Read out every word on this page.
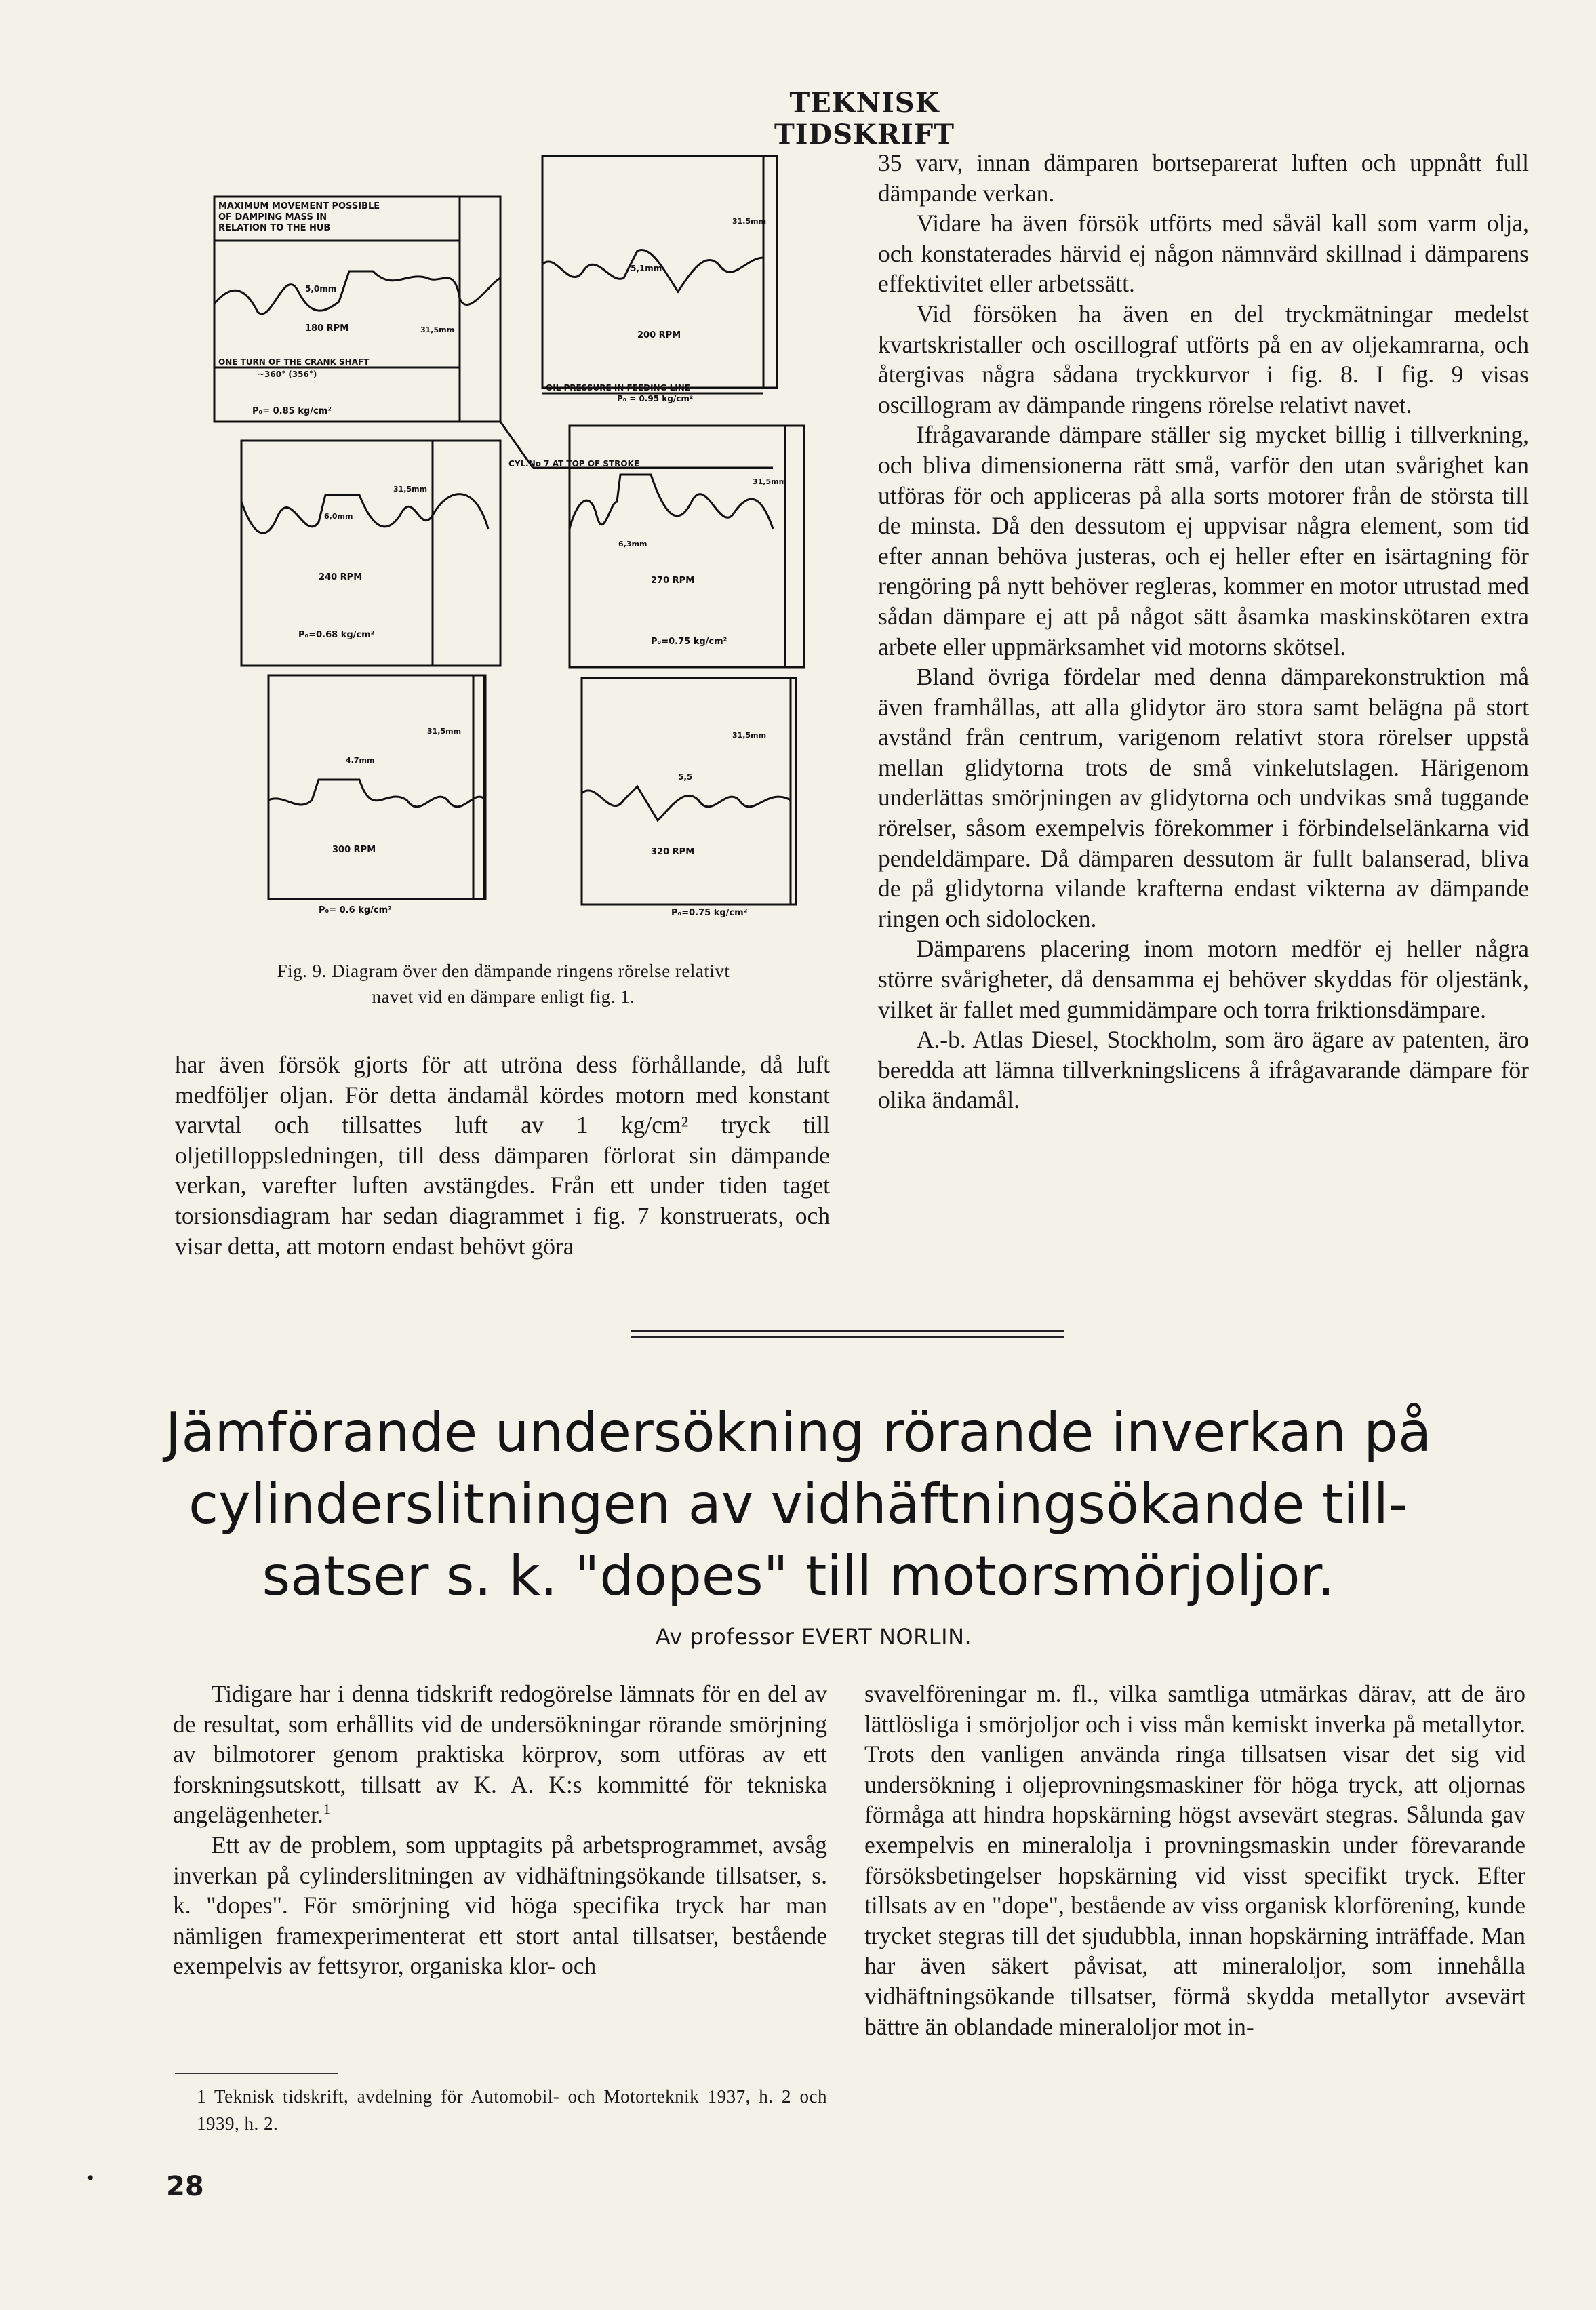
TEKNISK TIDSKRIFT
MAXIMUM MOVEMENT POSSIBLE
OF DAMPING MASS IN
RELATION TO THE HUB
ONE TURN OF THE CRANK SHAFT
~360° (356°)
OIL PRESSURE IN FEEDING LINE
CYL.No 7 AT TOP OF STROKE
180 RPM
5,0mm
31,5mm
P₀= 0.85 kg/cm²
200 RPM
5,1mm
31.5mm
P₀ = 0.95 kg/cm²
240 RPM
6,0mm
31,5mm
P₀=0.68 kg/cm²
270 RPM
6,3mm
31,5mm
P₀=0.75 kg/cm²
300 RPM
4.7mm
31,5mm
P₀= 0.6 kg/cm²
320 RPM
5,5
31,5mm
P₀=0.75 kg/cm²
Fig. 9. Diagram över den dämpande ringens rörelse relativt
navet vid en dämpare enligt fig. 1.

35 varv, innan dämparen bortseparerat luften och uppnått full dämpande verkan.

Vidare ha även försök utförts med såväl kall som varm olja, och konstaterades härvid ej någon nämnvärd skillnad i dämparens effektivitet eller arbetssätt.

Vid försöken ha även en del tryckmätningar medelst kvartskristaller och oscillograf utförts på en av oljekamrarna, och återgivas några sådana tryckkurvor i fig. 8. I fig. 9 visas oscillogram av dämpande ringens rörelse relativt navet.

Ifrågavarande dämpare ställer sig mycket billig i tillverkning, och bliva dimensionerna rätt små, varför den utan svårighet kan utföras för och appliceras på alla sorts motorer från de största till de minsta. Då den dessutom ej uppvisar några element, som tid efter annan behöva justeras, och ej heller efter en isärtagning för rengöring på nytt behöver regleras, kommer en motor utrustad med sådan dämpare ej att på något sätt åsamka maskinskötaren extra arbete eller uppmärksamhet vid motorns skötsel.

Bland övriga fördelar med denna dämparekonstruktion må även framhållas, att alla glidytor äro stora samt belägna på stort avstånd från centrum, varigenom relativt stora rörelser uppstå mellan glidytorna trots de små vinkelutslagen. Härigenom underlättas smörjningen av glidytorna och undvikas små tuggande rörelser, såsom exempelvis förekommer i förbindelselänkarna vid pendeldämpare. Då dämparen dessutom är fullt balanserad, bliva de på glidytorna vilande krafterna endast vikterna av dämpande ringen och sidolocken.

Dämparens placering inom motorn medför ej heller några större svårigheter, då densamma ej behöver skyddas för oljestänk, vilket är fallet med gummidämpare och torra friktionsdämpare.

A.-b. Atlas Diesel, Stockholm, som äro ägare av patenten, äro beredda att lämna tillverkningslicens å ifrågavarande dämpare för olika ändamål.

har även försök gjorts för att utröna dess förhållande, då luft medföljer oljan. För detta ändamål kördes motorn med konstant varvtal och tillsattes luft av 1 kg/cm² tryck till oljetilloppsledningen, till dess dämparen förlorat sin dämpande verkan, varefter luften avstängdes. Från ett under tiden taget torsionsdiagram har sedan diagrammet i fig. 7 konstruerats, och visar detta, att motorn endast behövt göra

Jämförande undersökning rörande inverkan på
cylinderslitningen av vidhäftningsökande till-
satser s. k. "dopes" till motorsmörjoljor.
Av professor EVERT NORLIN.

Tidigare har i denna tidskrift redogörelse lämnats för en del av de resultat, som erhållits vid de undersökningar rörande smörjning av bilmotorer genom praktiska körprov, som utföras av ett forskningsutskott, tillsatt av K. A. K:s kommitté för tekniska angelägenheter.$^1$

Ett av de problem, som upptagits på arbetsprogrammet, avsåg inverkan på cylinderslitningen av vidhäftningsökande tillsatser, s. k. "dopes". För smörjning vid höga specifika tryck har man nämligen framexperimenterat ett stort antal tillsatser, bestående exempelvis av fettsyror, organiska klor- och

svavelföreningar m. fl., vilka samtliga utmärkas därav, att de äro lättlösliga i smörjoljor och i viss mån kemiskt inverka på metallytor. Trots den vanligen använda ringa tillsatsen visar det sig vid undersökning i oljeprovningsmaskiner för höga tryck, att oljornas förmåga att hindra hopskärning högst avsevärt stegras. Sålunda gav exempelvis en mineralolja i provningsmaskin under förevarande försöksbetingelser hopskärning vid visst specifikt tryck. Efter tillsats av en "dope", bestående av viss organisk klorförening, kunde trycket stegras till det sjudubbla, innan hopskärning inträffade. Man har även säkert påvisat, att mineraloljor, som innehålla vidhäftningsökande tillsatser, förmå skydda metallytor avsevärt bättre än oblandade mineraloljor mot in-

1 Teknisk tidskrift, avdelning för Automobil- och Motorteknik 1937, h. 2 och 1939, h. 2.
•	28
